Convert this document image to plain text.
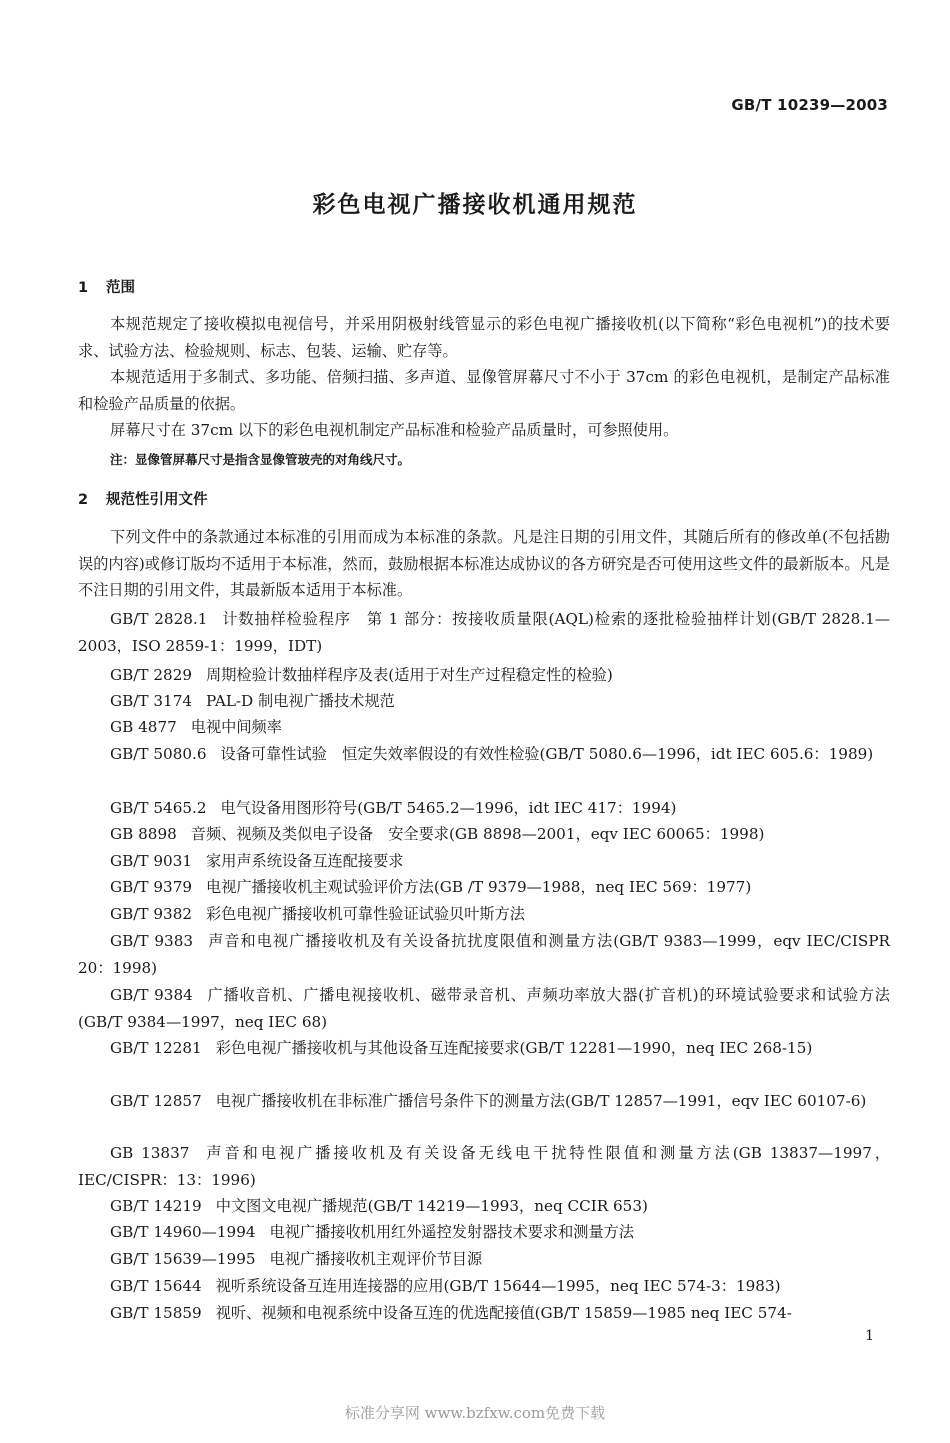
GB/T 10239—2003
彩色电视广播接收机通用规范
1 范围
本规范规定了接收模拟电视信号，并采用阴极射线管显示的彩色电视广播接收机(以下简称“彩色电视机”)的技术要求、试验方法、检验规则、标志、包装、运输、贮存等。
本规范适用于多制式、多功能、倍频扫描、多声道、显像管屏幕尺寸不小于 37cm 的彩色电视机，是制定产品标准和检验产品质量的依据。
屏幕尺寸在 37cm 以下的彩色电视机制定产品标准和检验产品质量时，可参照使用。
注：显像管屏幕尺寸是指含显像管玻壳的对角线尺寸。
2 规范性引用文件
下列文件中的条款通过本标准的引用而成为本标准的条款。凡是注日期的引用文件，其随后所有的修改单(不包括勘误的内容)或修订版均不适用于本标准，然而，鼓励根据本标准达成协议的各方研究是否可使用这些文件的最新版本。凡是不注日期的引用文件，其最新版本适用于本标准。
GB/T 2828.1 计数抽样检验程序　第 1 部分：按接收质量限(AQL)检索的逐批检验抽样计划(GB/T 2828.1—2003，ISO 2859-1：1999，IDT)
GB/T 2829 周期检验计数抽样程序及表(适用于对生产过程稳定性的检验)
GB/T 3174 PAL-D 制电视广播技术规范
GB 4877 电视中间频率
GB/T 5080.6 设备可靠性试验　恒定失效率假设的有效性检验(GB/T 5080.6—1996，idt IEC 605.6：1989)
GB/T 5465.2 电气设备用图形符号(GB/T 5465.2—1996，idt IEC 417：1994)
GB 8898 音频、视频及类似电子设备　安全要求(GB 8898—2001，eqv IEC 60065：1998)
GB/T 9031 家用声系统设备互连配接要求
GB/T 9379 电视广播接收机主观试验评价方法(GB /T 9379—1988，neq IEC 569：1977)
GB/T 9382 彩色电视广播接收机可靠性验证试验贝叶斯方法
GB/T 9383 声音和电视广播接收机及有关设备抗扰度限值和测量方法(GB/T 9383—1999，eqv IEC/CISPR 20：1998)
GB/T 9384 广播收音机、广播电视接收机、磁带录音机、声频功率放大器(扩音机)的环境试验要求和试验方法(GB/T 9384—1997，neq IEC 68)
GB/T 12281 彩色电视广播接收机与其他设备互连配接要求(GB/T 12281—1990，neq IEC 268-15)
GB/T 12857 电视广播接收机在非标准广播信号条件下的测量方法(GB/T 12857—1991，eqv IEC 60107-6)
GB 13837 声音和电视广播接收机及有关设备无线电干扰特性限值和测量方法(GB 13837—1997，IEC/CISPR：13：1996)
GB/T 14219 中文图文电视广播规范(GB/T 14219—1993，neq CCIR 653)
GB/T 14960—1994 电视广播接收机用红外遥控发射器技术要求和测量方法
GB/T 15639—1995 电视广播接收机主观评价节目源
GB/T 15644 视听系统设备互连用连接器的应用(GB/T 15644—1995，neq IEC 574-3：1983)
GB/T 15859 视听、视频和电视系统中设备互连的优选配接值(GB/T 15859—1985 neq IEC 574-
1
标准分享网 www.bzfxw.com免费下载
